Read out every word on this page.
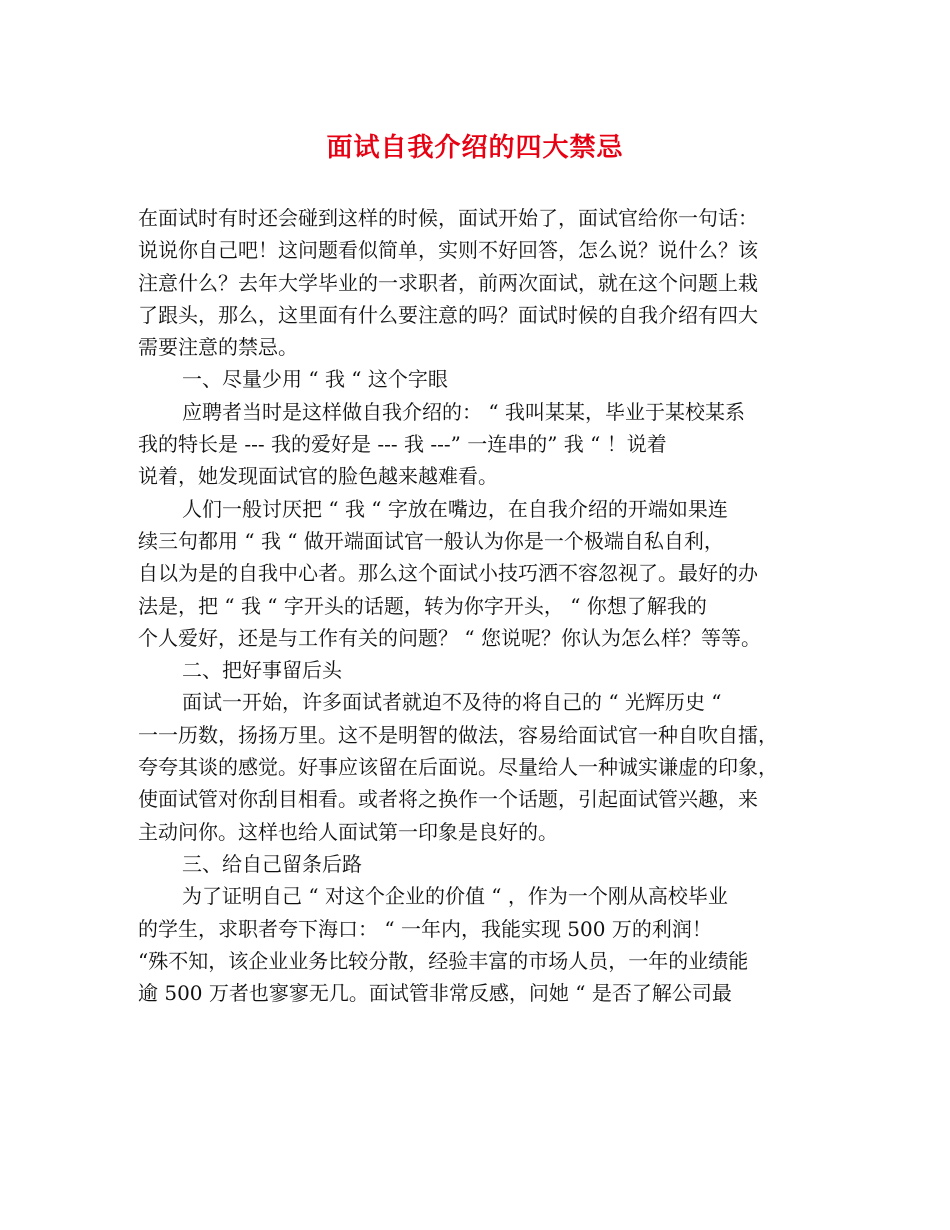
面试自我介绍的四大禁忌
在面试时有时还会碰到这样的时候，面试开始了，面试官给你一句话：
说说你自己吧！这问题看似简单，实则不好回答，怎么说？说什么？该
注意什么？去年大学毕业的一求职者，前两次面试，就在这个问题上栽
了跟头，那么，这里面有什么要注意的吗？面试时候的自我介绍有四大
需要注意的禁忌。
一、尽量少用 “ 我 “ 这个字眼
应聘者当时是这样做自我介绍的： “ 我叫某某，毕业于某校某系
我的特长是 --- 我的爱好是 --- 我 ---” 一连串的” 我 “ ！说着
说着，她发现面试官的脸色越来越难看。
人们一般讨厌把 “ 我 “ 字放在嘴边，在自我介绍的开端如果连
续三句都用 “ 我 “ 做开端面试官一般认为你是一个极端自私自利，
自以为是的自我中心者。那么这个面试小技巧洒不容忽视了。最好的办
法是，把 “ 我 “ 字开头的话题，转为你字开头， “ 你想了解我的
个人爱好，还是与工作有关的问题？ “ 您说呢？你认为怎么样？等等。
二、把好事留后头
面试一开始，许多面试者就迫不及待的将自己的 “ 光辉历史 “
一一历数，扬扬万里。这不是明智的做法，容易给面试官一种自吹自擂，
夸夸其谈的感觉。好事应该留在后面说。尽量给人一种诚实谦虚的印象，
使面试管对你刮目相看。或者将之换作一个话题，引起面试管兴趣，来
主动问你。这样也给人面试第一印象是良好的。
三、给自己留条后路
为了证明自己 “ 对这个企业的价值 “ ，作为一个刚从高校毕业
的学生，求职者夸下海口： “ 一年内，我能实现 500 万的利润！
“殊不知，该企业业务比较分散，经验丰富的市场人员，一年的业绩能
逾 500 万者也寥寥无几。面试管非常反感，问她 “ 是否了解公司最
